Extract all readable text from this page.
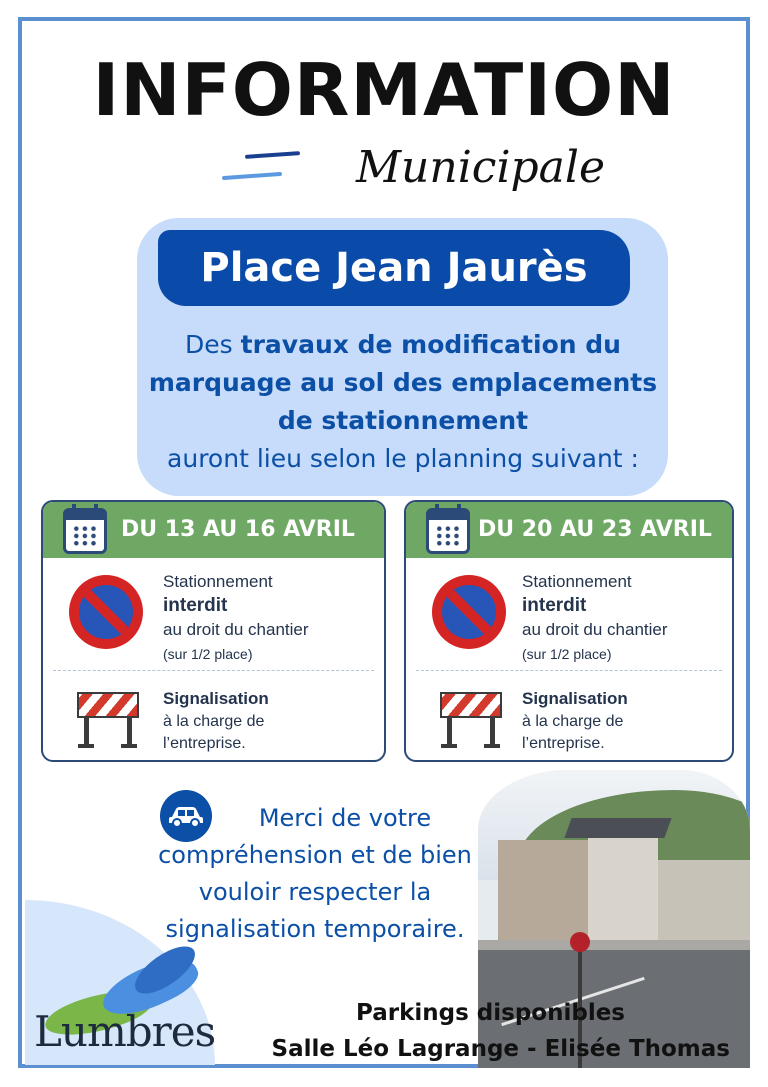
INFORMATION
Municipale
Place Jean Jaurès
Des travaux de modification du marquage au sol des emplacements de stationnement
auront lieu selon le planning suivant :
DU 13 AU 16 AVRIL
Stationnement
interdit
au droit du chantier
(sur 1/2 place)
Signalisation
à la charge de
l’entreprise.
DU 20 AU 23 AVRIL
Stationnement
interdit
au droit du chantier
(sur 1/2 place)
Signalisation
à la charge de
l’entreprise.
Merci de votre compréhension et de bien vouloir respecter la signalisation temporaire.
Lumbres	Parkings disponibles
Salle Léo Lagrange - Elisée Thomas
